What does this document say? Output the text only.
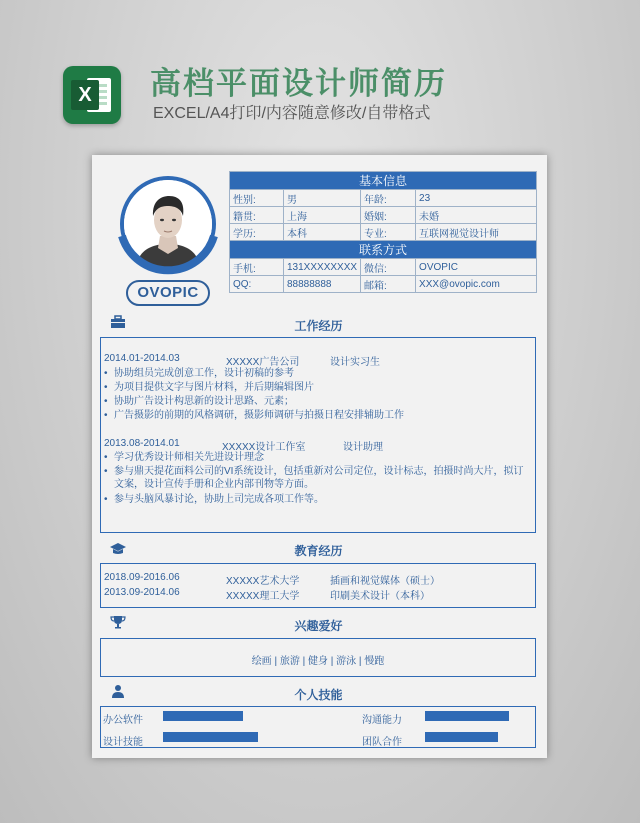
X 高档平面设计师简历
EXCEL/A4打印/内容随意修改/自带格式
OVOPIC
基本信息			
性别:	男	年龄:	23
籍贯:	上海	婚姻:	未婚
学历:	本科	专业:	互联网视觉设计师
联系方式			
手机:	131XXXXXXXX	微信:	OVOPIC
QQ:	88888888	邮箱:	XXX@ovopic.com
工作经历
2014.01-2014.03	XXXXX广告公司	设计实习生
• 协助组员完成创意工作，设计初稿的参考
• 为项目提供文字与图片材料，并后期编辑图片
• 协助广告设计构思新的设计思路、元素；
• 广告摄影的前期的风格调研，摄影师调研与拍摄日程安排辅助工作
2013.08-2014.01	XXXXX设计工作室	设计助理
• 学习优秀设计师相关先进设计理念
• 参与鼎天提花面料公司的VI系统设计，包括重新对公司定位，设计标志，拍摄时尚大片，拟订文案，设计宣传手册和企业内部刊物等方面。
• 参与头脑风暴讨论，协助上司完成各项工作等。
教育经历
2018.09-2016.06	XXXXX艺术大学	插画和视觉媒体（硕士）
2013.09-2014.06	XXXXX理工大学	印刷美术设计（本科）
兴趣爱好
绘画 | 旅游 | 健身 | 游泳 | 慢跑
个人技能
办公软件	沟通能力
设计技能	团队合作
